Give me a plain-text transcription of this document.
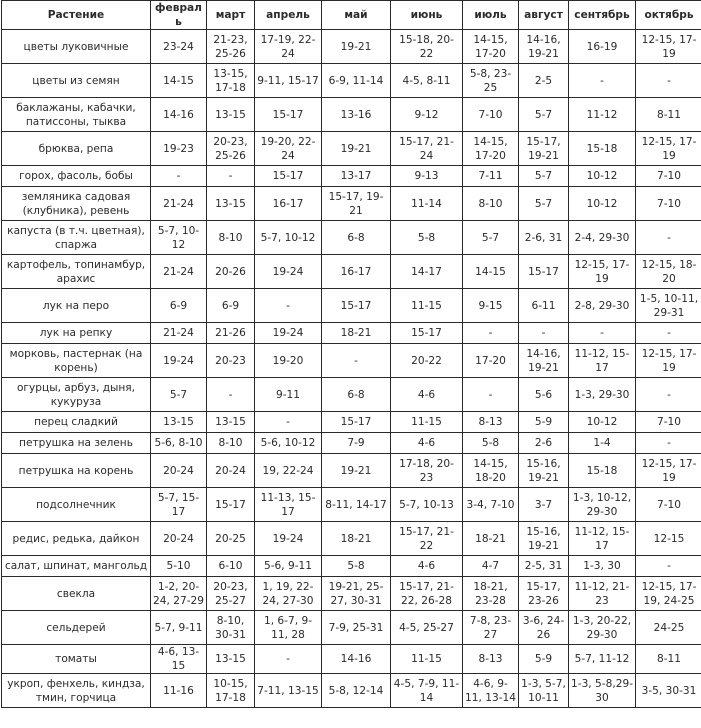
Растение	февраль	март	апрель	май	июнь	июль	август	сентябрь	октябрь
цветы луковичные	23-24	21-23, 25-26	17-19, 22-24	19-21	15-18, 20-22	14-15, 17-20	14-16, 19-21	16-19	12-15, 17-19
цветы из семян	14-15	13-15, 17-18	9-11, 15-17	6-9, 11-14	4-5, 8-11	5-8, 23-25	2-5	-	-
баклажаны, кабачки, патиссоны, тыква	14-16	13-15	15-17	13-16	9-12	7-10	5-7	11-12	8-11
брюква, репа	19-23	20-23, 25-26	19-20, 22-24	19-21	15-17, 21-24	14-15, 17-20	15-17, 19-21	15-18	12-15, 17-19
горох, фасоль, бобы	-	-	15-17	13-17	9-13	7-11	5-7	10-12	7-10
земляника садовая (клубника), ревень	21-24	13-15	16-17	15-17, 19-21	11-14	8-10	5-7	10-12	7-10
капуста (в т.ч. цветная), спаржа	5-7, 10-12	8-10	5-7, 10-12	6-8	5-8	5-7	2-6, 31	2-4, 29-30	-
картофель, топинамбур, арахис	21-24	20-26	19-24	16-17	14-17	14-15	15-17	12-15, 17-19	12-15, 18-20
лук на перо	6-9	6-9	-	15-17	11-15	9-15	6-11	2-8, 29-30	1-5, 10-11, 29-31
лук на репку	21-24	21-26	19-24	18-21	15-17	-	-	-	-
морковь, пастернак (на корень)	19-24	20-23	19-20	-	20-22	17-20	14-16, 19-21	11-12, 15-17	12-15, 17-19
огурцы, арбуз, дыня, кукуруза	5-7	-	9-11	6-8	4-6	-	5-6	1-3, 29-30	-
перец сладкий	13-15	13-15	-	15-17	11-15	8-13	5-9	10-12	7-10
петрушка на зелень	5-6, 8-10	8-10	5-6, 10-12	7-9	4-6	5-8	2-6	1-4	-
петрушка на корень	20-24	20-24	19, 22-24	19-21	17-18, 20-23	14-15, 18-20	15-16, 19-21	15-18	12-15, 17-19
подсолнечник	5-7, 15-17	15-17	11-13, 15-17	8-11, 14-17	5-7, 10-13	3-4, 7-10	3-7	1-3, 10-12, 29-30	7-10
редис, редька, дайкон	20-24	20-25	19-24	18-21	15-17, 21-22	18-21	15-16, 19-21	11-12, 15-17	12-15
салат, шпинат, мангольд	5-10	6-10	5-6, 9-11	5-8	4-6	4-7	2-5, 31	1-3, 30	-
свекла	1-2, 20-24, 27-29	20-23, 25-27	1, 19, 22-24, 27-30	19-21, 25-27, 30-31	15-17, 21-22, 26-28	18-21, 23-28	15-17, 23-26	11-12, 21-23	12-15, 17-19, 24-25
сельдерей	5-7, 9-11	8-10, 30-31	1, 6-7, 9-11, 28	7-9, 25-31	4-5, 25-27	7-8, 23-27	3-6, 24-26	1-3, 20-22, 29-30	24-25
томаты	4-6, 13-15	13-15	-	14-16	11-15	8-13	5-9	5-7, 11-12	8-11
укроп, фенхель, киндза, тмин, горчица	11-16	10-15, 17-18	7-11, 13-15	5-8, 12-14	4-5, 7-9, 11-14	4-6, 9-11, 13-14	1-3, 5-7, 10-11	1-3, 5-8,29-30	3-5, 30-31
